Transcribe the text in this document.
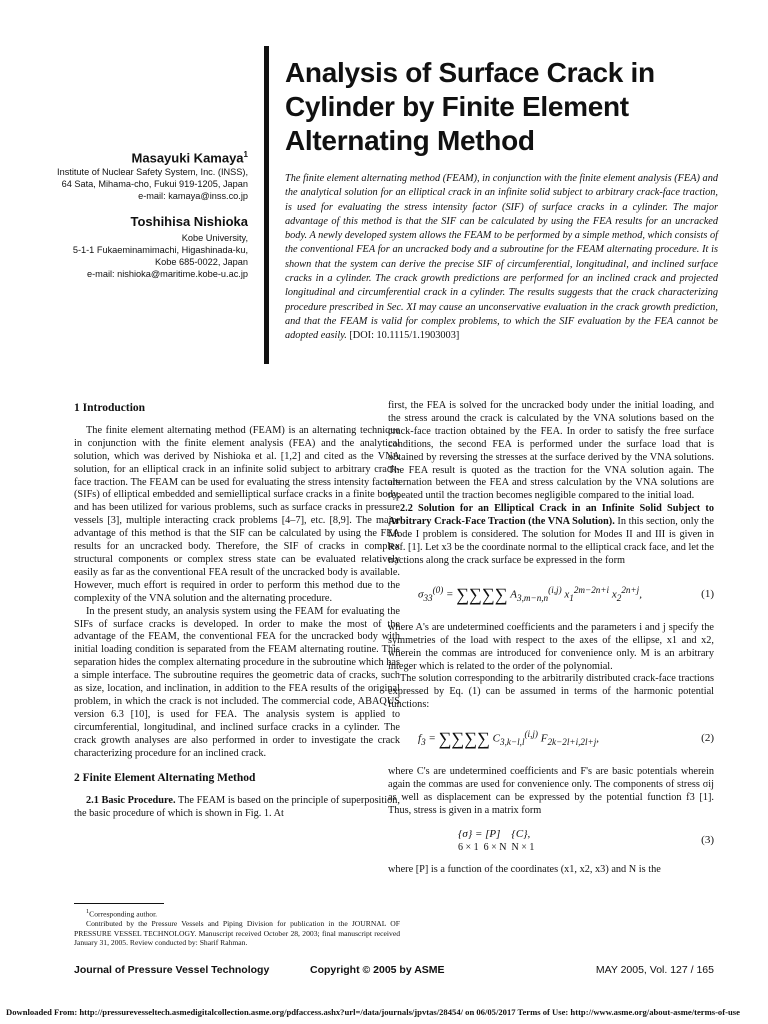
Analysis of Surface Crack in Cylinder by Finite Element Alternating Method
Masayuki Kamaya$^1$
Institute of Nuclear Safety System, Inc. (INSS),
64 Sata, Mihama-cho, Fukui 919-1205, Japan
e-mail: kamaya@inss.co.jp
Toshihisa Nishioka
Kobe University,
5-1-1 Fukaeminamimachi, Higashinada-ku,
Kobe 685-0022, Japan
e-mail: nishioka@maritime.kobe-u.ac.jp
The finite element alternating method (FEAM), in conjunction with the finite element analysis (FEA) and the analytical solution for an elliptical crack in an infinite solid subject to arbitrary crack-face traction, is used for evaluating the stress intensity factor (SIF) of surface cracks in a cylinder. The major advantage of this method is that the SIF can be calculated by using the FEA results for an uncracked body. A newly developed system allows the FEAM to be performed by a simple method, which consists of the conventional FEA for an uncracked body and a subroutine for the FEAM alternating procedure. It is shown that the system can derive the precise SIF of circumferential, longitudinal, and inclined surface cracks in a cylinder. The crack growth predictions are performed for an inclined crack and projected longitudinal and circumferential crack in a cylinder. The results suggests that the crack characterizing procedure prescribed in Sec. XI may cause an unconservative evaluation in the crack growth prediction, and that the FEAM is valid for complex problems, to which the SIF evaluation by the FEA cannot be adopted easily. [DOI: 10.1115/1.1903003]
1 Introduction

The finite element alternating method (FEAM) is an alternating technique in conjunction with the finite element analysis (FEA) and the analytical solution, which was derived by Nishioka et al. [1,2] and cited as the VNA solution, for an elliptical crack in an infinite solid subject to arbitrary crack-face traction. The FEAM can be used for evaluating the stress intensity factors (SIFs) of elliptical embedded and semielliptical surface cracks in a finite body, and has been utilized for various problems, such as surface cracks in pressure vessels [3], multiple interacting crack problems [4–7], etc. [8,9]. The major advantage of this method is that the SIF can be calculated by using the FEA results for an uncracked body. Therefore, the SIF of cracks in complex structural components or complex stress state can be evaluated relatively easily as far as the conventional FEA result of the uncracked body is available. However, much effort is required in order to perform this method due to the complexity of the VNA solution and the alternating procedure.

In the present study, an analysis system using the FEAM for evaluating the SIFs of surface cracks is developed. In order to make the most of the advantage of the FEAM, the conventional FEA for the uncracked body with initial loading condition is separated from the FEAM alternating routine. This separation hides the complex alternating procedure in the subroutine which has a simple interface. The subroutine requires the geometric data of cracks, such as size, location, and inclination, in addition to the FEA results of the original problem, in which the crack is not included. The commercial code, ABAQUS version 6.3 [10], is used for FEA. The analysis system is applied to circumferential, longitudinal, and inclined surface cracks in a cylinder. The crack growth analyses are also performed in order to investigate the crack characterizing procedure for an inclined crack.

2 Finite Element Alternating Method

2.1 Basic Procedure. The FEAM is based on the principle of superposition, the basic procedure of which is shown in Fig. 1. At

$^1$Corresponding author.
Contributed by the Pressure Vessels and Piping Division for publication in the JOURNAL OF PRESSURE VESSEL TECHNOLOGY. Manuscript received October 28, 2003; final manuscript received January 31, 2005. Review conducted by: Sharif Rahman.

first, the FEA is solved for the uncracked body under the initial loading, and the stress around the crack is calculated by the VNA solutions based on the crack-face traction obtained by the FEA. In order to satisfy the free surface conditions, the second FEA is performed under the surface load that is obtained by reversing the stresses at the surface derived by the VNA solutions. The FEA result is quoted as the traction for the VNA solution again. The alternation between the FEA and stress calculation by the VNA solutions are repeated until the traction becomes negligible compared to the initial load.

2.2 Solution for an Elliptical Crack in an Infinite Solid Subject to Arbitrary Crack-Face Traction (the VNA Solution). In this section, only the Mode I problem is considered. The solution for Modes II and III is given in Ref. [1]. Let x3 be the coordinate normal to the elliptical crack face, and let the tractions along the crack surface be expressed in the form

$\sigma_{33}^{(0)}$ = ∑∑∑∑ $A_{3,m-n,n}^{(i,j)}$ $x_1^{2m-2n+i}$ $x_2^{2n+j}$,	(1)

where A's are undetermined coefficients and the parameters i and j specify the symmetries of the load with respect to the axes of the ellipse, x1 and x2, wherein the commas are introduced for convenience only. M is an arbitrary integer which is related to the order of the polynomial.

The solution corresponding to the arbitrarily distributed crack-face tractions expressed by Eq. (1) can be assumed in terms of the harmonic potential functions:

$f_3$ = ∑∑∑∑ $C_{3,k-l,l}^{(i,j)}$ $F_{2k-2l+i,2l+j}$,	(2)

where C's are undetermined coefficients and F's are basic potentials wherein again the commas are used for convenience only. The components of stress σij as well as displacement can be expressed by the potential function f3 [1]. Thus, stress is given in a matrix form

{σ} = [P]    {C},
6 × 1  6 × N  N × 1
(3)

where [P] is a function of the coordinates (x1, x2, x3) and N is the

Journal of Pressure Vessel Technology	Copyright © 2005 by ASME	MAY 2005, Vol. 127 / 165
Downloaded From: http://pressurevesseltech.asmedigitalcollection.asme.org/pdfaccess.ashx?url=/data/journals/jpvtas/28454/ on 06/05/2017 Terms of Use: http://www.asme.org/about-asme/terms-of-use
